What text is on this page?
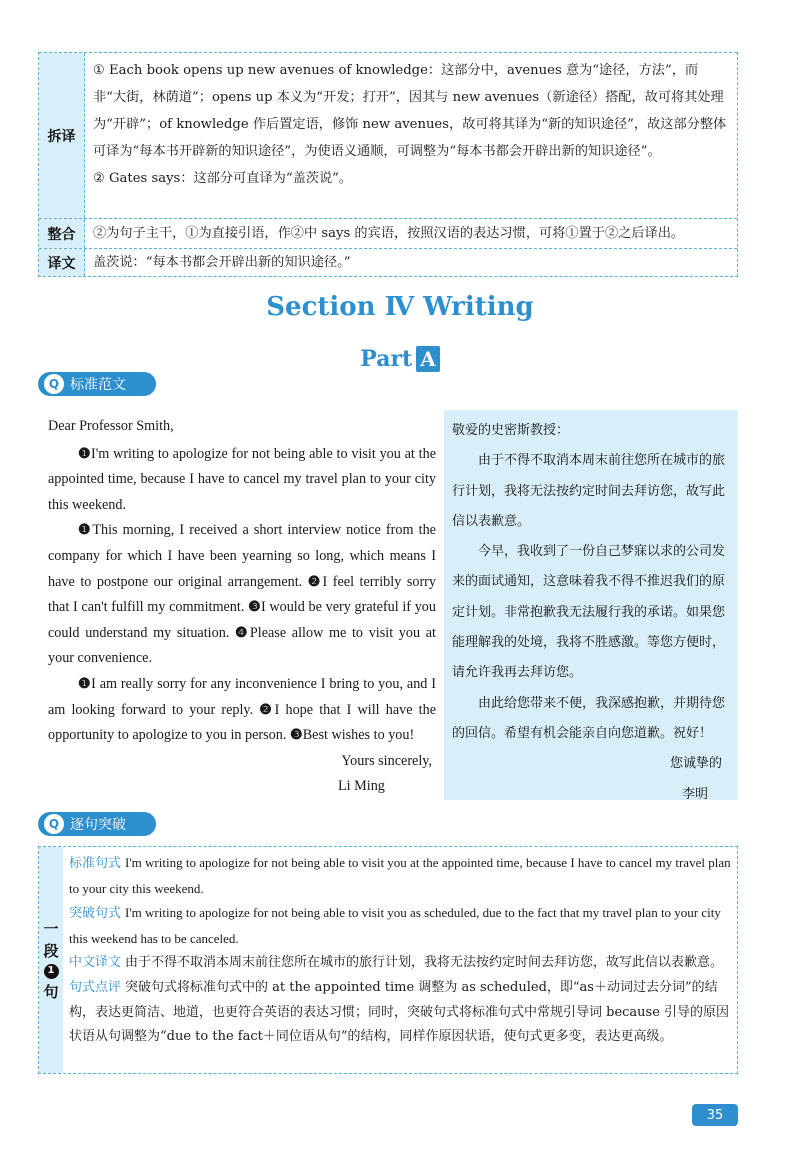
拆译

① Each book opens up new avenues of knowledge：这部分中，avenues 意为“途径，方法”，而非“大街，林荫道”；opens up 本义为“开发；打开”，因其与 new avenues（新途径）搭配，故可将其处理为“开辟”；of knowledge 作后置定语，修饰 new avenues，故可将其译为“新的知识途径”，故这部分整体可译为“每本书开辟新的知识途径”，为使语义通顺，可调整为“每本书都会开辟出新的知识途径”。

② Gates says：这部分可直译为“盖茨说”。

整合	②为句子主干，①为直接引语，作②中 says 的宾语，按照汉语的表达习惯，可将①置于②之后译出。

译文	盖茨说：“每本书都会开辟出新的知识途径。”

Section Ⅳ Writing
Part A
Q 标准范文
Dear Professor Smith,
❶I'm writing to apologize for not being able to visit you at the appointed time, because I have to cancel my travel plan to your city this weekend.
❶This morning, I received a short interview notice from the company for which I have been yearning so long, which means I have to postpone our original arrangement. ❷I feel terribly sorry that I can't fulfill my commitment. ❸I would be very grateful if you could understand my situation. ❹Please allow me to visit you at your convenience.
❶I am really sorry for any inconvenience I bring to you, and I am looking forward to your reply. ❷I hope that I will have the opportunity to apologize to you in person. ❸Best wishes to you!
Yours sincerely,
Li Ming
敬爱的史密斯教授：
由于不得不取消本周末前往您所在城市的旅行计划，我将无法按约定时间去拜访您，故写此信以表歉意。
今早，我收到了一份自己梦寐以求的公司发来的面试通知，这意味着我不得不推迟我们的原定计划。非常抱歉我无法履行我的承诺。如果您能理解我的处境，我将不胜感激。等您方便时，请允许我再去拜访您。
由此给您带来不便，我深感抱歉，并期待您的回信。希望有机会能亲自向您道歉。祝好！
您诚挚的
李明
Q 逐句突破
一
段
1
句

标准句式 I'm writing to apologize for not being able to visit you at the appointed time, because I have to cancel my travel plan to your city this weekend.

突破句式 I'm writing to apologize for not being able to visit you as scheduled, due to the fact that my travel plan to your city this weekend has to be canceled.

中文译文 由于不得不取消本周末前往您所在城市的旅行计划，我将无法按约定时间去拜访您，故写此信以表歉意。

句式点评 突破句式将标准句式中的 at the appointed time 调整为 as scheduled，即“as＋动词过去分词”的结构，表达更简洁、地道，也更符合英语的表达习惯；同时，突破句式将标准句式中常规引导词 because 引导的原因状语从句调整为“due to the fact＋同位语从句”的结构，同样作原因状语，使句式更多变，表达更高级。

35
